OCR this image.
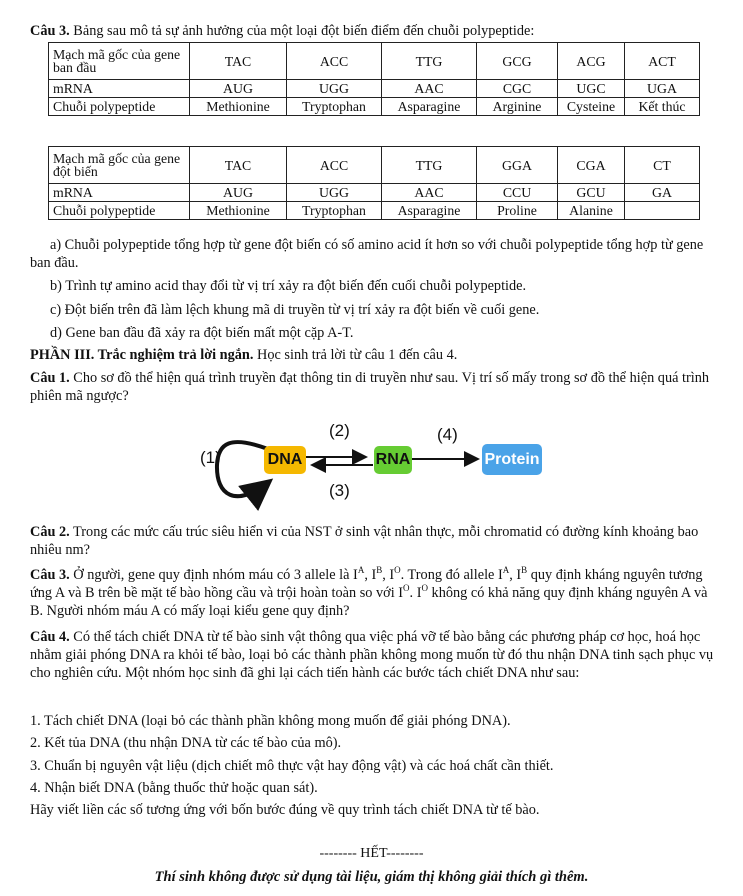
Câu 3. Bảng sau mô tả sự ảnh hưởng của một loại đột biến điểm đến chuỗi polypeptide:
Mạch mã gốc của gene ban đầu	TAC	ACC	TTG	GCG	ACG	ACT
mRNA	AUG	UGG	AAC	CGC	UGC	UGA
Chuỗi polypeptide	Methionine	Tryptophan	Asparagine	Arginine	Cysteine	Kết thúc
Mạch mã gốc của gene đột biến	TAC	ACC	TTG	GGA	CGA	CT
mRNA	AUG	UGG	AAC	CCU	GCU	GA
Chuỗi polypeptide	Methionine	Tryptophan	Asparagine	Proline	Alanine	
a) Chuỗi polypeptide tổng hợp từ gene đột biến có số amino acid ít hơn so với chuỗi polypeptide tổng hợp từ gene ban đầu.
b) Trình tự amino acid thay đổi từ vị trí xảy ra đột biến đến cuối chuỗi polypeptide.
c) Đột biến trên đã làm lệch khung mã di truyền từ vị trí xảy ra đột biến về cuối gene.
d) Gene ban đầu đã xảy ra đột biến mất một cặp A-T.
PHẦN III. Trắc nghiệm trả lời ngắn. Học sinh trả lời từ câu 1 đến câu 4.
Câu 1. Cho sơ đồ thể hiện quá trình truyền đạt thông tin di truyền như sau. Vị trí số mấy trong sơ đồ thể hiện quá trình phiên mã ngược?
DNA	RNA	Protein
(1)
(2)
(3)
(4)
Câu 2. Trong các mức cấu trúc siêu hiển vi của NST ở sinh vật nhân thực, mỗi chromatid có đường kính khoảng bao nhiêu nm?
Câu 3. Ở người, gene quy định nhóm máu có 3 allele là $I^A$, $I^B$, $I^O$. Trong đó allele $I^A$, $I^B$ quy định kháng nguyên tương ứng A và B trên bề mặt tế bào hồng cầu và trội hoàn toàn so với $I^O$. $I^O$ không có khả năng quy định kháng nguyên A và B. Người nhóm máu A có mấy loại kiểu gene quy định?
Câu 4. Có thể tách chiết DNA từ tế bào sinh vật thông qua việc phá vỡ tế bào bằng các phương pháp cơ học, hoá học nhằm giải phóng DNA ra khỏi tế bào, loại bỏ các thành phần không mong muốn từ đó thu nhận DNA tinh sạch phục vụ cho nghiên cứu. Một nhóm học sinh đã ghi lại cách tiến hành các bước tách chiết DNA như sau:
1. Tách chiết DNA (loại bỏ các thành phần không mong muốn để giải phóng DNA).
2. Kết tủa DNA (thu nhận DNA từ các tế bào của mô).
3. Chuẩn bị nguyên vật liệu (dịch chiết mô thực vật hay động vật) và các hoá chất cần thiết.
4. Nhận biết DNA (bằng thuốc thử hoặc quan sát).
Hãy viết liền các số tương ứng với bốn bước đúng về quy trình tách chiết DNA từ tế bào.
-------- HẾT--------
Thí sinh không được sử dụng tài liệu, giám thị không giải thích gì thêm.
